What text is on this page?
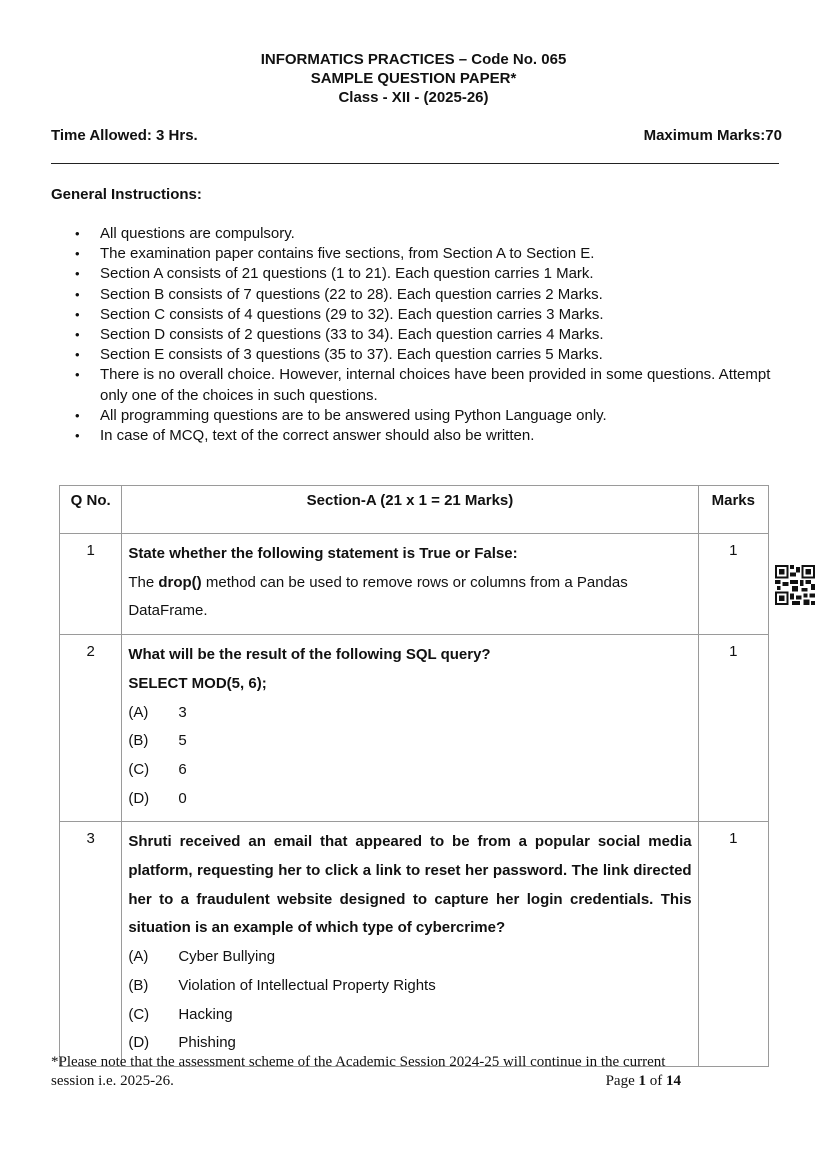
INFORMATICS PRACTICES – Code No. 065
SAMPLE QUESTION PAPER*
Class - XII - (2025-26)
Time Allowed: 3 Hrs.	Maximum Marks:70
General Instructions:
• All questions are compulsory.
• The examination paper contains five sections, from Section A to Section E.
• Section A consists of 21 questions (1 to 21). Each question carries 1 Mark.
• Section B consists of 7 questions (22 to 28). Each question carries 2 Marks.
• Section C consists of 4 questions (29 to 32). Each question carries 3 Marks.
• Section D consists of 2 questions (33 to 34). Each question carries 4 Marks.
• Section E consists of 3 questions (35 to 37). Each question carries 5 Marks.
• There is no overall choice. However, internal choices have been provided in some questions. Attempt only one of the choices in such questions.
• All programming questions are to be answered using Python Language only.
• In case of MCQ, text of the correct answer should also be written.
Q No.	Section-A (21 x 1 = 21 Marks)	Marks
1	State whether the following statement is True or False:
The drop() method can be used to remove rows or columns from a Pandas DataFrame.	1
2	What will be the result of the following SQL query?
SELECT MOD(5, 6);
(A)	3
(B)	5
(C)	6
(D)	0
	1
3	Shruti received an email that appeared to be from a popular social media platform, requesting her to click a link to reset her password. The link directed her to a fraudulent website designed to capture her login credentials. This situation is an example of which type of cybercrime?
(A)	Cyber Bullying
(B)	Violation of Intellectual Property Rights
(C)	Hacking
(D)	Phishing
	1
*Please note that the assessment scheme of the Academic Session 2024-25 will continue in the current
session i.e. 2025-26.	Page 1 of 14
